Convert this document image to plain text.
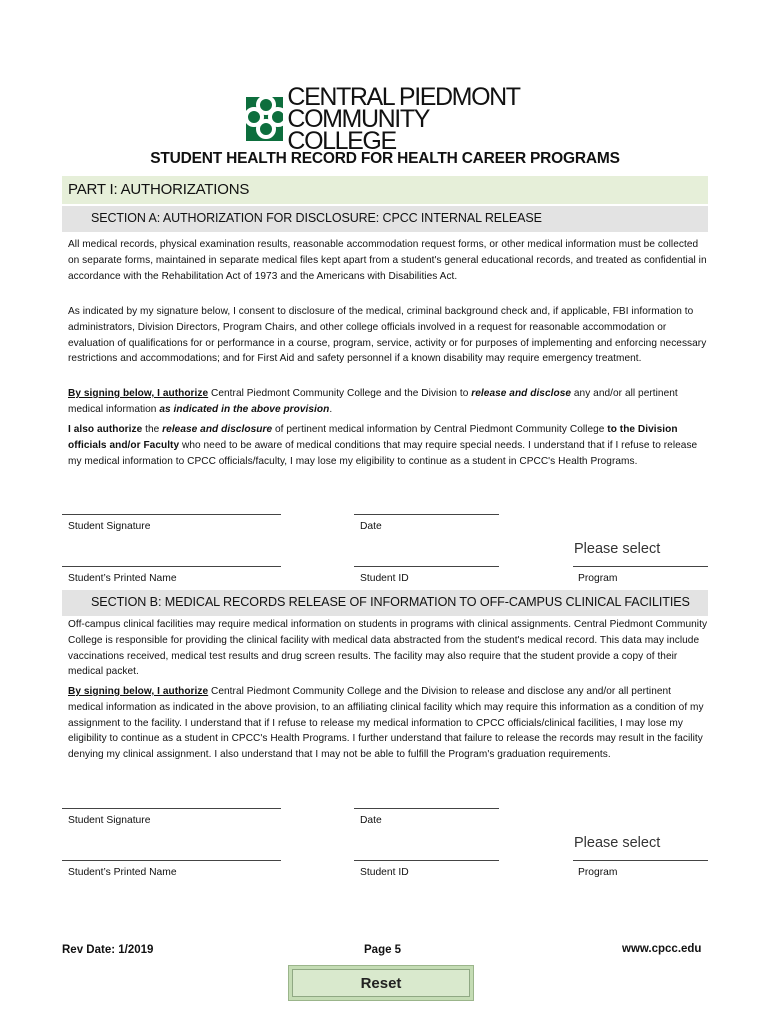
CENTRAL PIEDMONT
COMMUNITY COLLEGE
STUDENT HEALTH RECORD FOR HEALTH CAREER PROGRAMS
PART I: AUTHORIZATIONS
SECTION A: AUTHORIZATION FOR DISCLOSURE: CPCC INTERNAL RELEASE
All medical records, physical examination results, reasonable accommodation request forms, or other medical information must be collected on separate forms, maintained in separate medical files kept apart from a student's general educational records, and treated as confidential in accordance with the Rehabilitation Act of 1973 and the Americans with Disabilities Act.
As indicated by my signature below, I consent to disclosure of the medical, criminal background check and, if applicable, FBI information to administrators, Division Directors, Program Chairs, and other college officials involved in a request for reasonable accommodation or evaluation of qualifications for or performance in a course, program, service, activity or for purposes of implementing and enforcing necessary restrictions and accommodations; and for First Aid and safety personnel if a known disability may require emergency treatment.
By signing below, I authorize Central Piedmont Community College and the Division to release and disclose any and/or all pertinent medical information as indicated in the above provision.
I also authorize the release and disclosure of pertinent medical information by Central Piedmont Community College to the Division officials and/or Faculty who need to be aware of medical conditions that may require special needs. I understand that if I refuse to release my medical information to CPCC officials/faculty, I may lose my eligibility to continue as a student in CPCC's Health Programs.
Student Signature	Date
Please select
Student’s Printed Name	Student ID	Program
SECTION B: MEDICAL RECORDS RELEASE OF INFORMATION TO OFF-CAMPUS CLINICAL FACILITIES
Off-campus clinical facilities may require medical information on students in programs with clinical assignments. Central Piedmont Community College is responsible for providing the clinical facility with medical data abstracted from the student's medical record. This data may include vaccinations received, medical test results and drug screen results. The facility may also require that the student provide a copy of their medical packet.
By signing below, I authorize Central Piedmont Community College and the Division to release and disclose any and/or all pertinent medical information as indicated in the above provision, to an affiliating clinical facility which may require this information as a condition of my assignment to the facility. I understand that if I refuse to release my medical information to CPCC officials/clinical facilities, I may lose my eligibility to continue as a student in CPCC's Health Programs. I further understand that failure to release the records may result in the facility denying my clinical assignment. I also understand that I may not be able to fulfill the Program's graduation requirements.
Student Signature	Date
Please select
Student’s Printed Name	Student ID	Program
Rev Date: 1/2019	Page 5	www.cpcc.edu
Reset
